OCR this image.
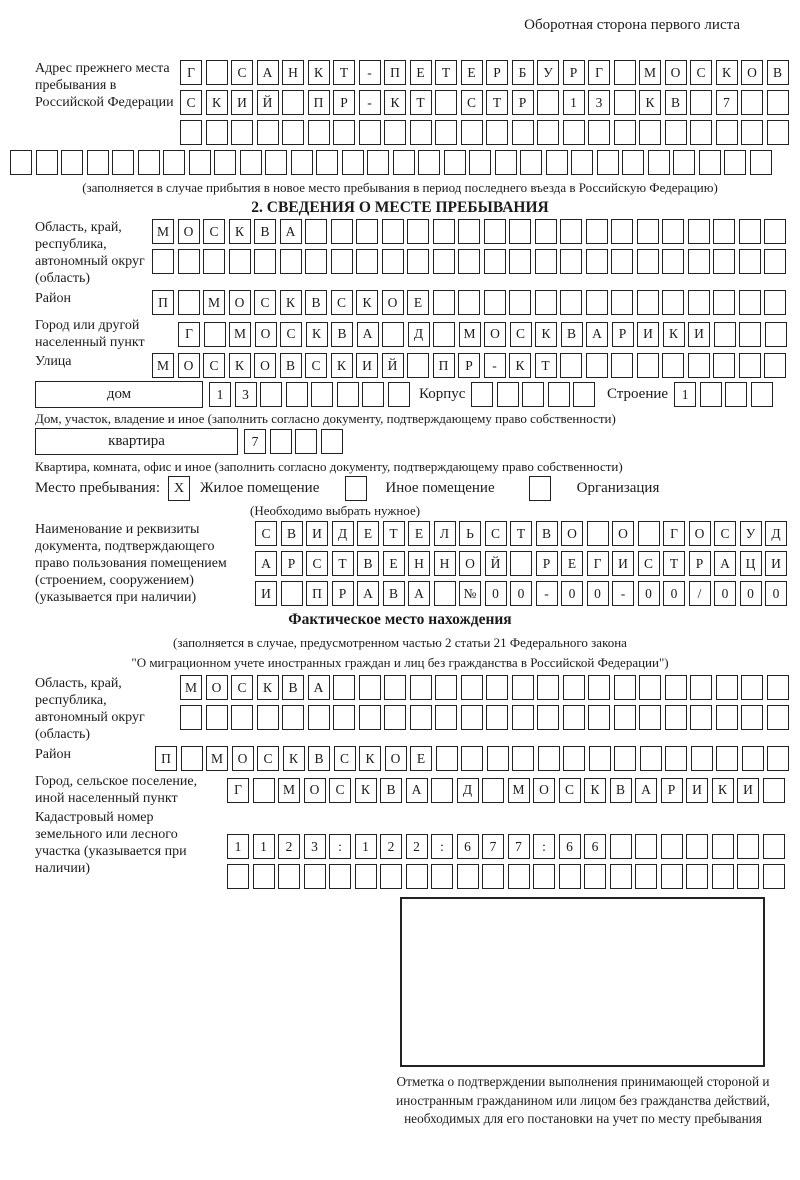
Оборотная сторона первого листа
Адрес прежнего места пребывания в Российской Федерации
Г	С	А	Н	К	Т	-	П	Е	Т	Е	Р	Б	У	Р	Г	М	О	С	К	О	В
С	К	И	Й	П	Р	-	К	Т	С	Т	Р	1	3	К	В	7
(заполняется в случае прибытия в новое место пребывания в период последнего въезда в Российскую Федерацию)
2. СВЕДЕНИЯ О МЕСТЕ ПРЕБЫВАНИЯ
Область, край, республика, автономный округ (область)
М	О	С	К	В	А
Район	П	М	О	С	К	В	С	К	О	Е
Город или другой населенный пункт
Г	М	О	С	К	В	А	Д	М	О	С	К	В	А	Р	И	К	И
Улица	М	О	С	К	О	В	С	К	И	Й	П	Р	-	К	Т
дом	1	3	Корпус	Строение	1
Дом, участок, владение и иное (заполнить согласно документу, подтверждающему право собственности)
квартира	7
Квартира, комната, офис и иное (заполнить согласно документу, подтверждающему право собственности)
Место пребывания: X	Жилое помещение	Иное помещение	Организация
(Необходимо выбрать нужное)
Наименование и реквизиты документа, подтверждающего право пользования помещением (строением, сооружением) (указывается при наличии)
С	В	И	Д	Е	Т	Е	Л	Ь	С	Т	В	О	О	Г	О	С	У	Д
А	Р	С	Т	В	Е	Н	Н	О	Й	Р	Е	Г	И	С	Т	Р	А	Ц	И
И	П	Р	А	В	А	№	0	0	-	0	0	-	0	0	/	0	0	0
Фактическое место нахождения
(заполняется в случае, предусмотренном частью 2 статьи 21 Федерального закона
"О миграционном учете иностранных граждан и лиц без гражданства в Российской Федерации")
Область, край, республика, автономный округ (область)
М	О	С	К	В	А
Район	П	М	О	С	К	В	С	К	О	Е
Город, сельское поселение, иной населенный пункт
Г	М	О	С	К	В	А	Д	М	О	С	К	В	А	Р	И	К	И
Кадастровый номер земельного или лесного участка (указывается при наличии)
1	1	2	3	:	1	2	2	:	6	7	7	:	6	6
Отметка о подтверждении выполнения принимающей стороной и иностранным гражданином или лицом без гражданства действий, необходимых для его постановки на учет по месту пребывания
